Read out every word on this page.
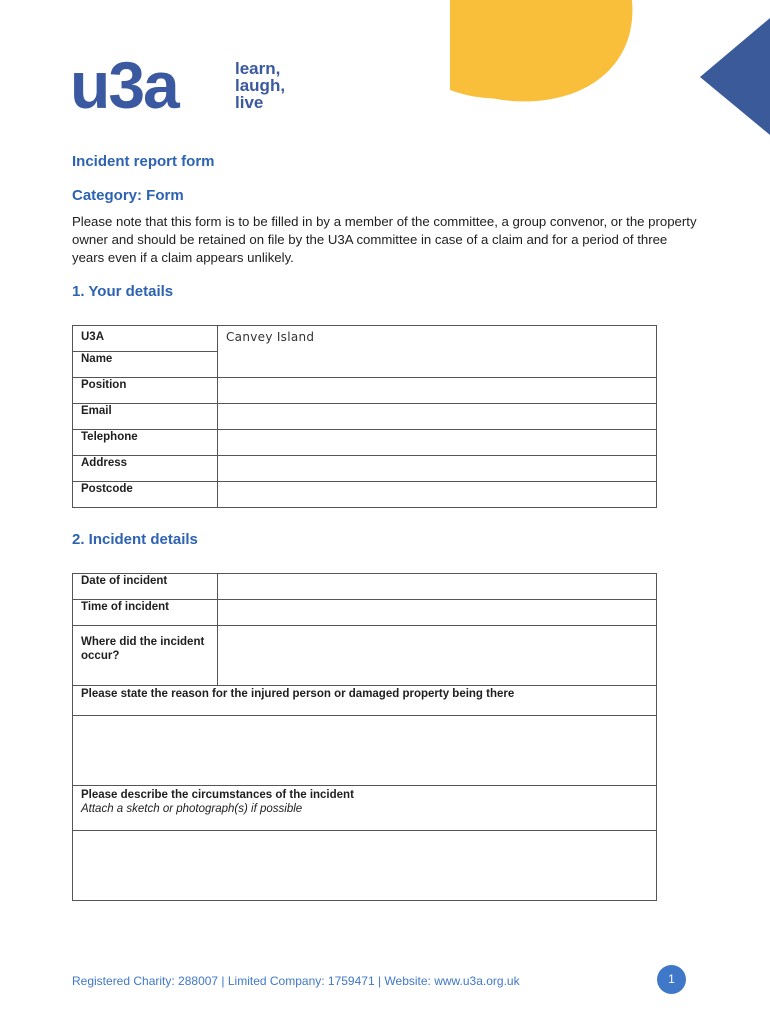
u3a	learn,
laugh,
live
Incident report form
Category: Form
Please note that this form is to be filled in by a member of the committee, a group convenor, or the property owner and should be retained on file by the U3A committee in case of a claim and for a period of three years even if a claim appears unlikely.
1. Your details
U3A	Canvey Island
Name	
Position	
Email	
Telephone	
Address	
Postcode	
2. Incident details
Date of incident	
Time of incident	
Where did the incident occur?	
Please state the reason for the injured person or damaged property being there	

Please describe the circumstances of the incident
Attach a sketch or photograph(s) if possible	

Registered Charity: 288007 | Limited Company: 1759471 | Website: www.u3a.org.uk	1
